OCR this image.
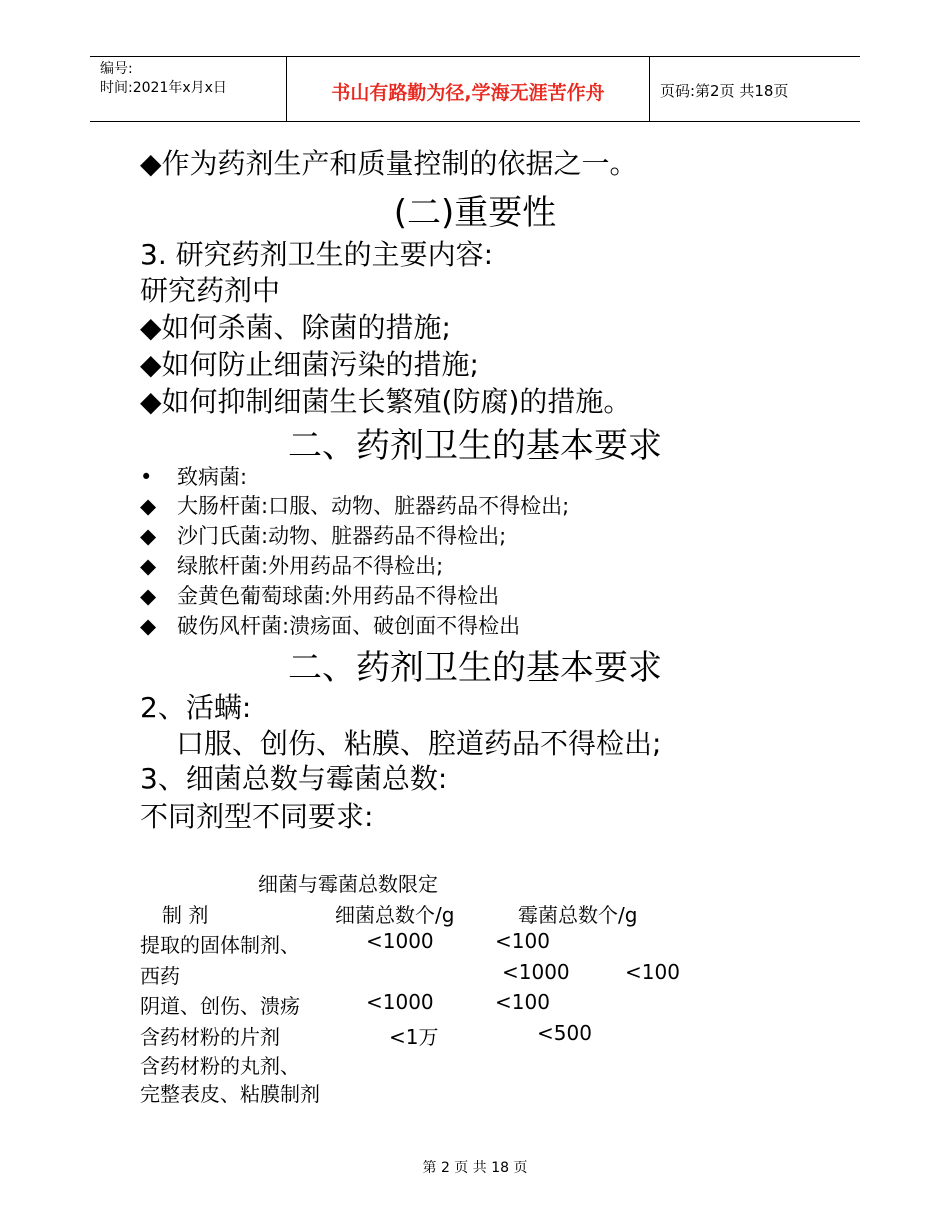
编号:
时间:2021年x月x日	书山有路勤为径,学海无涯苦作舟	页码:第2页 共18页
◆作为药剂生产和质量控制的依据之一。
(二)重要性
3. 研究药剂卫生的主要内容:
研究药剂中
◆如何杀菌、除菌的措施;
◆如何防止细菌污染的措施;
◆如何抑制细菌生长繁殖(防腐)的措施。
二、药剂卫生的基本要求
• 致病菌:
◆ 大肠杆菌:口服、动物、脏器药品不得检出;
◆ 沙门氏菌:动物、脏器药品不得检出;
◆ 绿脓杆菌:外用药品不得检出;
◆ 金黄色葡萄球菌:外用药品不得检出
◆ 破伤风杆菌:溃疡面、破创面不得检出
二、药剂卫生的基本要求
2、活螨:
口服、创伤、粘膜、腔道药品不得检出;
3、细菌总数与霉菌总数:
不同剂型不同要求:
细菌与霉菌总数限定
制 剂	细菌总数个/g	霉菌总数个/g
提取的固体制剂、	<1000	<100
西药	<1000	<100
阴道、创伤、溃疡	<1000	<100
含药材粉的片剂	<1万	<500
含药材粉的丸剂、
完整表皮、粘膜制剂
第 2 页 共 18 页
